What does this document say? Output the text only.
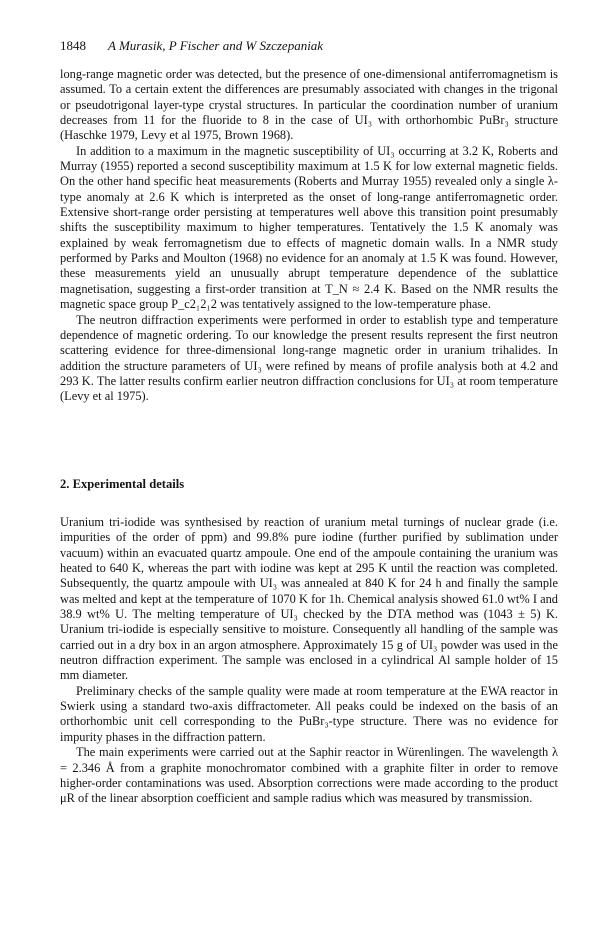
1848 A Murasik, P Fischer and W Szczepaniak

long-range magnetic order was detected, but the presence of one-dimensional antiferromagnetism is assumed. To a certain extent the differences are presumably associated with changes in the trigonal or pseudotrigonal layer-type crystal structures. In particular the coordination number of uranium decreases from 11 for the fluoride to 8 in the case of UI₃ with orthorhombic PuBr₃ structure (Haschke 1979, Levy et al 1975, Brown 1968).

In addition to a maximum in the magnetic susceptibility of UI₃ occurring at 3.2 K, Roberts and Murray (1955) reported a second susceptibility maximum at 1.5 K for low external magnetic fields. On the other hand specific heat measurements (Roberts and Murray 1955) revealed only a single λ-type anomaly at 2.6 K which is interpreted as the onset of long-range antiferromagnetic order. Extensive short-range order persisting at temperatures well above this transition point presumably shifts the susceptibility maximum to higher temperatures. Tentatively the 1.5 K anomaly was explained by weak ferromagnetism due to effects of magnetic domain walls. In a NMR study performed by Parks and Moulton (1968) no evidence for an anomaly at 1.5 K was found. However, these measurements yield an unusually abrupt temperature dependence of the sublattice magnetisation, suggesting a first-order transition at T_N ≈ 2.4 K. Based on the NMR results the magnetic space group P_c2₁2₁2 was tentatively assigned to the low-temperature phase.

The neutron diffraction experiments were performed in order to establish type and temperature dependence of magnetic ordering. To our knowledge the present results represent the first neutron scattering evidence for three-dimensional long-range magnetic order in uranium trihalides. In addition the structure parameters of UI₃ were refined by means of profile analysis both at 4.2 and 293 K. The latter results confirm earlier neutron diffraction conclusions for UI₃ at room temperature (Levy et al 1975).

2. Experimental details

Uranium tri-iodide was synthesised by reaction of uranium metal turnings of nuclear grade (i.e. impurities of the order of ppm) and 99.8% pure iodine (further purified by sublimation under vacuum) within an evacuated quartz ampoule. One end of the ampoule containing the uranium was heated to 640 K, whereas the part with iodine was kept at 295 K until the reaction was completed. Subsequently, the quartz ampoule with UI₃ was annealed at 840 K for 24 h and finally the sample was melted and kept at the temperature of 1070 K for 1h. Chemical analysis showed 61.0 wt% I and 38.9 wt% U. The melting temperature of UI₃ checked by the DTA method was (1043 ± 5) K. Uranium tri-iodide is especially sensitive to moisture. Consequently all handling of the sample was carried out in a dry box in an argon atmosphere. Approximately 15 g of UI₃ powder was used in the neutron diffraction experiment. The sample was enclosed in a cylindrical Al sample holder of 15 mm diameter.

Preliminary checks of the sample quality were made at room temperature at the EWA reactor in Swierk using a standard two-axis diffractometer. All peaks could be indexed on the basis of an orthorhombic unit cell corresponding to the PuBr₃-type structure. There was no evidence for impurity phases in the diffraction pattern.

The main experiments were carried out at the Saphir reactor in Würenlingen. The wavelength λ = 2.346 Å from a graphite monochromator combined with a graphite filter in order to remove higher-order contaminations was used. Absorption corrections were made according to the product μR of the linear absorption coefficient and sample radius which was measured by transmission.
